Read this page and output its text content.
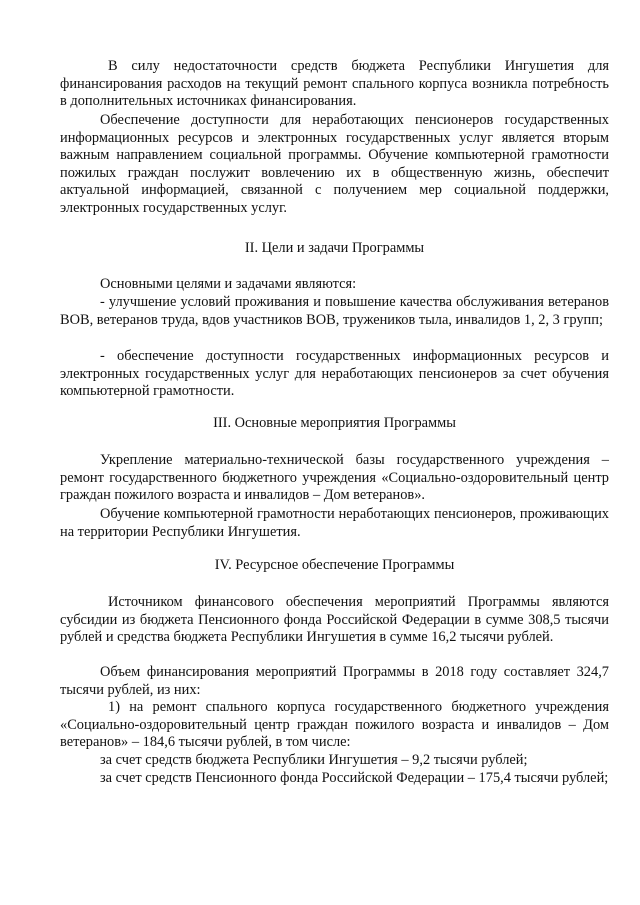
В силу недостаточности средств бюджета Республики Ингушетия для финансирования расходов на текущий ремонт спального корпуса возникла потребность в дополнительных источниках финансирования.

Обеспечение доступности для неработающих пенсионеров государственных информационных ресурсов и электронных государственных услуг является вторым важным направлением социальной программы. Обучение компьютерной грамотности пожилых граждан послужит вовлечению их в общественную жизнь, обеспечит актуальной информацией, связанной с получением мер социальной поддержки, электронных государственных услуг.

II. Цели и задачи Программы

Основными целями и задачами являются:

- улучшение условий проживания и повышение качества обслуживания ветеранов ВОВ, ветеранов труда, вдов участников ВОВ, тружеников тыла, инвалидов 1, 2, 3 групп;

- обеспечение доступности государственных информационных ресурсов и электронных государственных услуг для неработающих пенсионеров за счет обучения компьютерной грамотности.

III. Основные мероприятия Программы

Укрепление материально-технической базы государственного учреждения – ремонт государственного бюджетного учреждения «Социально-оздоровительный центр граждан пожилого возраста и инвалидов – Дом ветеранов».

Обучение компьютерной грамотности неработающих пенсионеров, проживающих на территории Республики Ингушетия.

IV. Ресурсное обеспечение Программы

Источником финансового обеспечения мероприятий Программы являются субсидии из бюджета Пенсионного фонда Российской Федерации в сумме 308,5 тысячи рублей и средства бюджета Республики Ингушетия в сумме 16,2 тысячи рублей.

Объем финансирования мероприятий Программы в 2018 году составляет 324,7 тысячи рублей, из них:

1) на ремонт спального корпуса государственного бюджетного учреждения «Социально-оздоровительный центр граждан пожилого возраста и инвалидов – Дом ветеранов» – 184,6 тысячи рублей, в том числе:

за счет средств бюджета Республики Ингушетия – 9,2 тысячи рублей;

за счет средств Пенсионного фонда Российской Федерации – 175,4 тысячи рублей;
